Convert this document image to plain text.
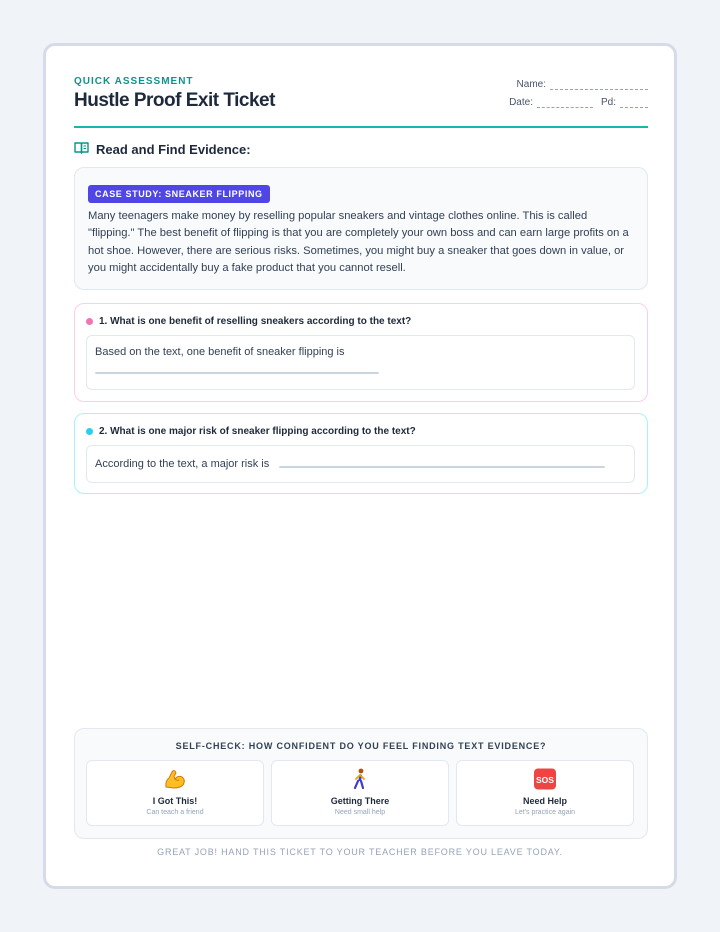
QUICK ASSESSMENT
Hustle Proof Exit Ticket
Name:
Date:	Pd:
Read and Find Evidence:
CASE STUDY: SNEAKER FLIPPING
Many teenagers make money by reselling popular sneakers and vintage clothes online. This is called "flipping." The best benefit of flipping is that you are completely your own boss and can earn large profits on a hot shoe. However, there are serious risks. Sometimes, you might buy a sneaker that goes down in value, or you might accidentally buy a fake product that you cannot resell.
1. What is one benefit of reselling sneakers according to the text?
Based on the text, one benefit of sneaker flipping is
2. What is one major risk of sneaker flipping according to the text?
According to the text, a major risk is
SELF-CHECK: HOW CONFIDENT DO YOU FEEL FINDING TEXT EVIDENCE?
I Got This!
Can teach a friend
Getting There
Need small help
SOS
Need Help
Let's practice again
GREAT JOB! HAND THIS TICKET TO YOUR TEACHER BEFORE YOU LEAVE TODAY.
